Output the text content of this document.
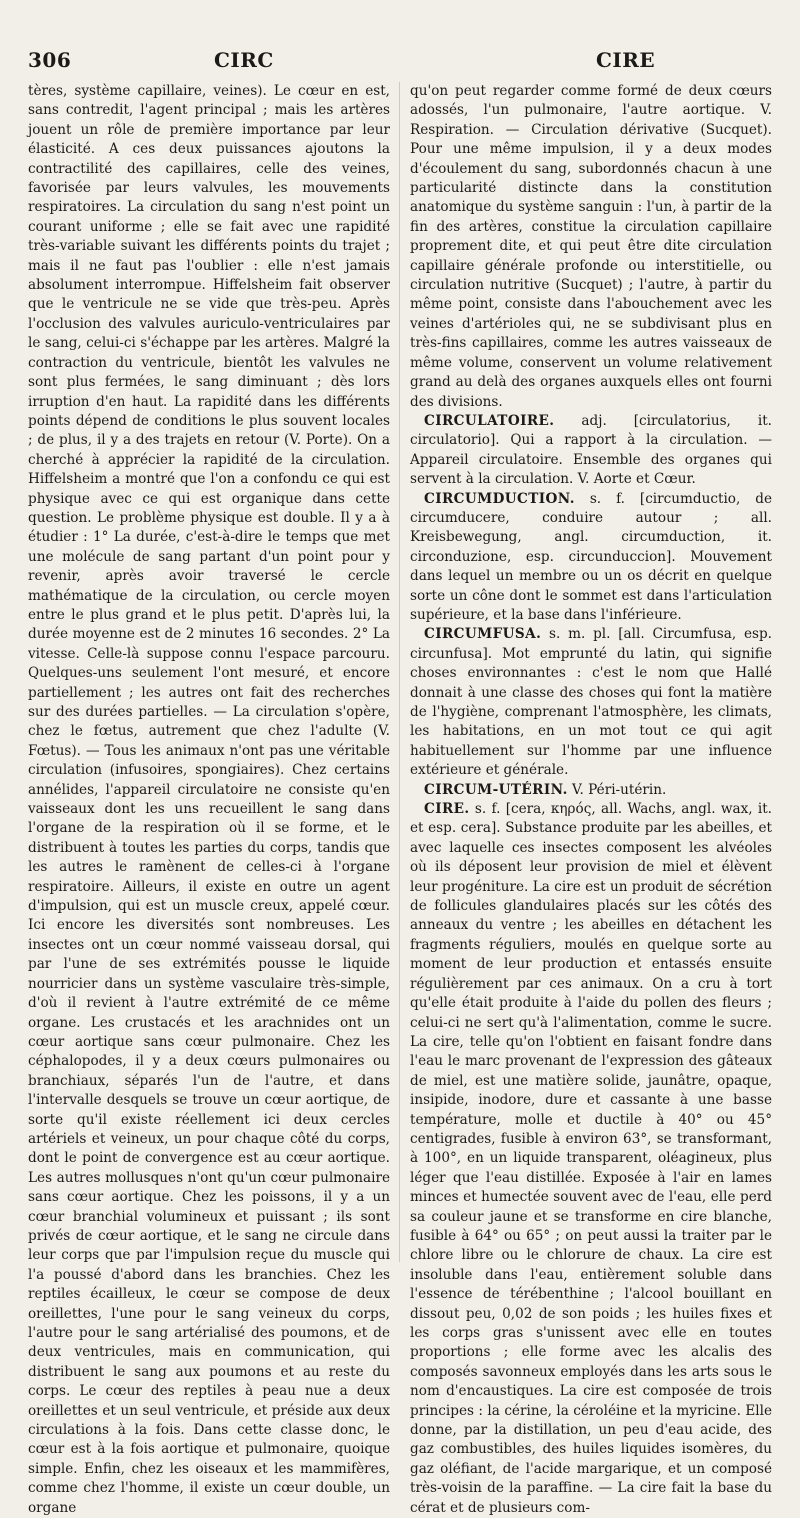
306	CIRC	CIRE

tères, système capillaire, veines). Le cœur en est, sans contredit, l'agent principal ; mais les artères jouent un rôle de première importance par leur élasticité. A ces deux puissances ajoutons la contractilité des capillaires, celle des veines, favorisée par leurs valvules, les mouvements respiratoires. La circulation du sang n'est point un courant uniforme ; elle se fait avec une rapidité très-variable suivant les différents points du trajet ; mais il ne faut pas l'oublier : elle n'est jamais absolument interrompue. Hiffelsheim fait observer que le ventricule ne se vide que très-peu. Après l'occlusion des valvules auriculo-ventriculaires par le sang, celui-ci s'échappe par les artères. Malgré la contraction du ventricule, bientôt les valvules ne sont plus fermées, le sang diminuant ; dès lors irruption d'en haut. La rapidité dans les différents points dépend de conditions le plus souvent locales ; de plus, il y a des trajets en retour (V. Porte). On a cherché à apprécier la rapidité de la circulation. Hiffelsheim a montré que l'on a confondu ce qui est physique avec ce qui est organique dans cette question. Le problème physique est double. Il y a à étudier : 1° La durée, c'est-à-dire le temps que met une molécule de sang partant d'un point pour y revenir, après avoir traversé le cercle mathématique de la circulation, ou cercle moyen entre le plus grand et le plus petit. D'après lui, la durée moyenne est de 2 minutes 16 secondes. 2° La vitesse. Celle-là suppose connu l'espace parcouru. Quelques-uns seulement l'ont mesuré, et encore partiellement ; les autres ont fait des recherches sur des durées partielles. — La circulation s'opère, chez le fœtus, autrement que chez l'adulte (V. Fœtus). — Tous les animaux n'ont pas une véritable circulation (infusoires, spongiaires). Chez certains annélides, l'appareil circulatoire ne consiste qu'en vaisseaux dont les uns recueillent le sang dans l'organe de la respiration où il se forme, et le distribuent à toutes les parties du corps, tandis que les autres le ramènent de celles-ci à l'organe respiratoire. Ailleurs, il existe en outre un agent d'impulsion, qui est un muscle creux, appelé cœur. Ici encore les diversités sont nombreuses. Les insectes ont un cœur nommé vaisseau dorsal, qui par l'une de ses extrémités pousse le liquide nourricier dans un système vasculaire très-simple, d'où il revient à l'autre extrémité de ce même organe. Les crustacés et les arachnides ont un cœur aortique sans cœur pulmonaire. Chez les céphalopodes, il y a deux cœurs pulmonaires ou branchiaux, séparés l'un de l'autre, et dans l'intervalle desquels se trouve un cœur aortique, de sorte qu'il existe réellement ici deux cercles artériels et veineux, un pour chaque côté du corps, dont le point de convergence est au cœur aortique. Les autres mollusques n'ont qu'un cœur pulmonaire sans cœur aortique. Chez les poissons, il y a un cœur branchial volumineux et puissant ; ils sont privés de cœur aortique, et le sang ne circule dans leur corps que par l'impulsion reçue du muscle qui l'a poussé d'abord dans les branchies. Chez les reptiles écailleux, le cœur se compose de deux oreillettes, l'une pour le sang veineux du corps, l'autre pour le sang artérialisé des poumons, et de deux ventricules, mais en communication, qui distribuent le sang aux poumons et au reste du corps. Le cœur des reptiles à peau nue a deux oreillettes et un seul ventricule, et préside aux deux circulations à la fois. Dans cette classe donc, le cœur est à la fois aortique et pulmonaire, quoique simple. Enfin, chez les oiseaux et les mammifères, comme chez l'homme, il existe un cœur double, un organe

qu'on peut regarder comme formé de deux cœurs adossés, l'un pulmonaire, l'autre aortique. V. Respiration. — Circulation dérivative (Sucquet). Pour une même impulsion, il y a deux modes d'écoulement du sang, subordonnés chacun à une particularité distincte dans la constitution anatomique du système sanguin : l'un, à partir de la fin des artères, constitue la circulation capillaire proprement dite, et qui peut être dite circulation capillaire générale profonde ou interstitielle, ou circulation nutritive (Sucquet) ; l'autre, à partir du même point, consiste dans l'abouchement avec les veines d'artérioles qui, ne se subdivisant plus en très-fins capillaires, comme les autres vaisseaux de même volume, conservent un volume relativement grand au delà des organes auxquels elles ont fourni des divisions.

CIRCULATOIRE. adj. [circulatorius, it. circulatorio]. Qui a rapport à la circulation. — Appareil circulatoire. Ensemble des organes qui servent à la circulation. V. Aorte et Cœur.

CIRCUMDUCTION. s. f. [circumductio, de circumducere, conduire autour ; all. Kreisbewegung, angl. circumduction, it. circonduzione, esp. circunduccion]. Mouvement dans lequel un membre ou un os décrit en quelque sorte un cône dont le sommet est dans l'articulation supérieure, et la base dans l'inférieure.

CIRCUMFUSA. s. m. pl. [all. Circumfusa, esp. circunfusa]. Mot emprunté du latin, qui signifie choses environnantes : c'est le nom que Hallé donnait à une classe des choses qui font la matière de l'hygiène, comprenant l'atmosphère, les climats, les habitations, en un mot tout ce qui agit habituellement sur l'homme par une influence extérieure et générale.

CIRCUM-UTÉRIN. V. Péri-utérin.

CIRE. s. f. [cera, κηρός, all. Wachs, angl. wax, it. et esp. cera]. Substance produite par les abeilles, et avec laquelle ces insectes composent les alvéoles où ils déposent leur provision de miel et élèvent leur progéniture. La cire est un produit de sécrétion de follicules glandulaires placés sur les côtés des anneaux du ventre ; les abeilles en détachent les fragments réguliers, moulés en quelque sorte au moment de leur production et entassés ensuite régulièrement par ces animaux. On a cru à tort qu'elle était produite à l'aide du pollen des fleurs ; celui-ci ne sert qu'à l'alimentation, comme le sucre. La cire, telle qu'on l'obtient en faisant fondre dans l'eau le marc provenant de l'expression des gâteaux de miel, est une matière solide, jaunâtre, opaque, insipide, inodore, dure et cassante à une basse température, molle et ductile à 40° ou 45° centigrades, fusible à environ 63°, se transformant, à 100°, en un liquide transparent, oléagineux, plus léger que l'eau distillée. Exposée à l'air en lames minces et humectée souvent avec de l'eau, elle perd sa couleur jaune et se transforme en cire blanche, fusible à 64° ou 65° ; on peut aussi la traiter par le chlore libre ou le chlorure de chaux. La cire est insoluble dans l'eau, entièrement soluble dans l'essence de térébenthine ; l'alcool bouillant en dissout peu, 0,02 de son poids ; les huiles fixes et les corps gras s'unissent avec elle en toutes proportions ; elle forme avec les alcalis des composés savonneux employés dans les arts sous le nom d'encaustiques. La cire est composée de trois principes : la cérine, la céroléine et la myricine. Elle donne, par la distillation, un peu d'eau acide, des gaz combustibles, des huiles liquides isomères, du gaz oléfiant, de l'acide margarique, et un composé très-voisin de la paraffine. — La cire fait la base du cérat et de plusieurs com-
